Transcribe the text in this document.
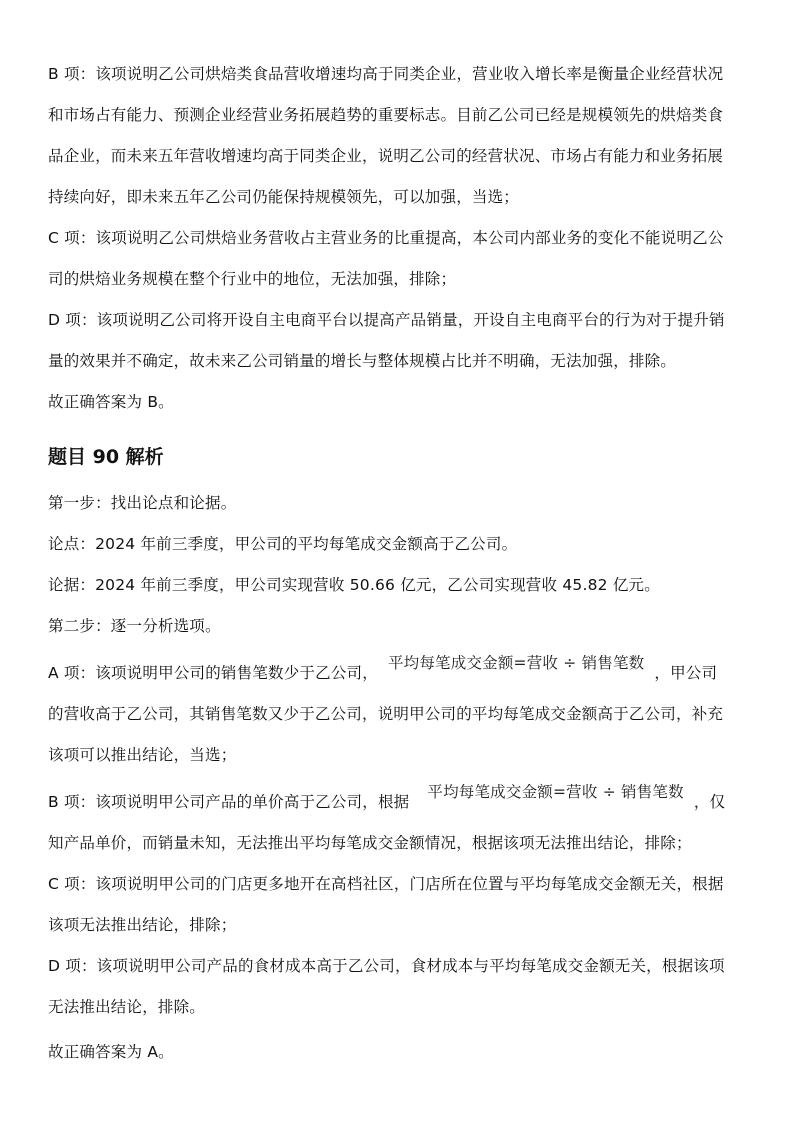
B 项：该项说明乙公司烘焙类食品营收增速均高于同类企业，营业收入增长率是衡量企业经营状况

和市场占有能力、预测企业经营业务拓展趋势的重要标志。目前乙公司已经是规模领先的烘焙类食

品企业，而未来五年营收增速均高于同类企业，说明乙公司的经营状况、市场占有能力和业务拓展

持续向好，即未来五年乙公司仍能保持规模领先，可以加强，当选；

C 项：该项说明乙公司烘焙业务营收占主营业务的比重提高，本公司内部业务的变化不能说明乙公

司的烘焙业务规模在整个行业中的地位，无法加强，排除；

D 项：该项说明乙公司将开设自主电商平台以提高产品销量，开设自主电商平台的行为对于提升销

量的效果并不确定，故未来乙公司销量的增长与整体规模占比并不明确，无法加强，排除。

故正确答案为 B。

题目 90 解析

第一步：找出论点和论据。

论点：2024 年前三季度，甲公司的平均每笔成交金额高于乙公司。

论据：2024 年前三季度，甲公司实现营收 50.66 亿元，乙公司实现营收 45.82 亿元。

第二步：逐一分析选项。

A 项：该项说明甲公司的销售笔数少于乙公司，平均每笔成交金额=营收 ÷ 销售笔数，甲公司

的营收高于乙公司，其销售笔数又少于乙公司，说明甲公司的平均每笔成交金额高于乙公司，补充

该项可以推出结论，当选；

B 项：该项说明甲公司产品的单价高于乙公司，根据平均每笔成交金额=营收 ÷ 销售笔数，仅

知产品单价，而销量未知，无法推出平均每笔成交金额情况，根据该项无法推出结论，排除；

C 项：该项说明甲公司的门店更多地开在高档社区，门店所在位置与平均每笔成交金额无关，根据

该项无法推出结论，排除；

D 项：该项说明甲公司产品的食材成本高于乙公司，食材成本与平均每笔成交金额无关，根据该项

无法推出结论，排除。

故正确答案为 A。
